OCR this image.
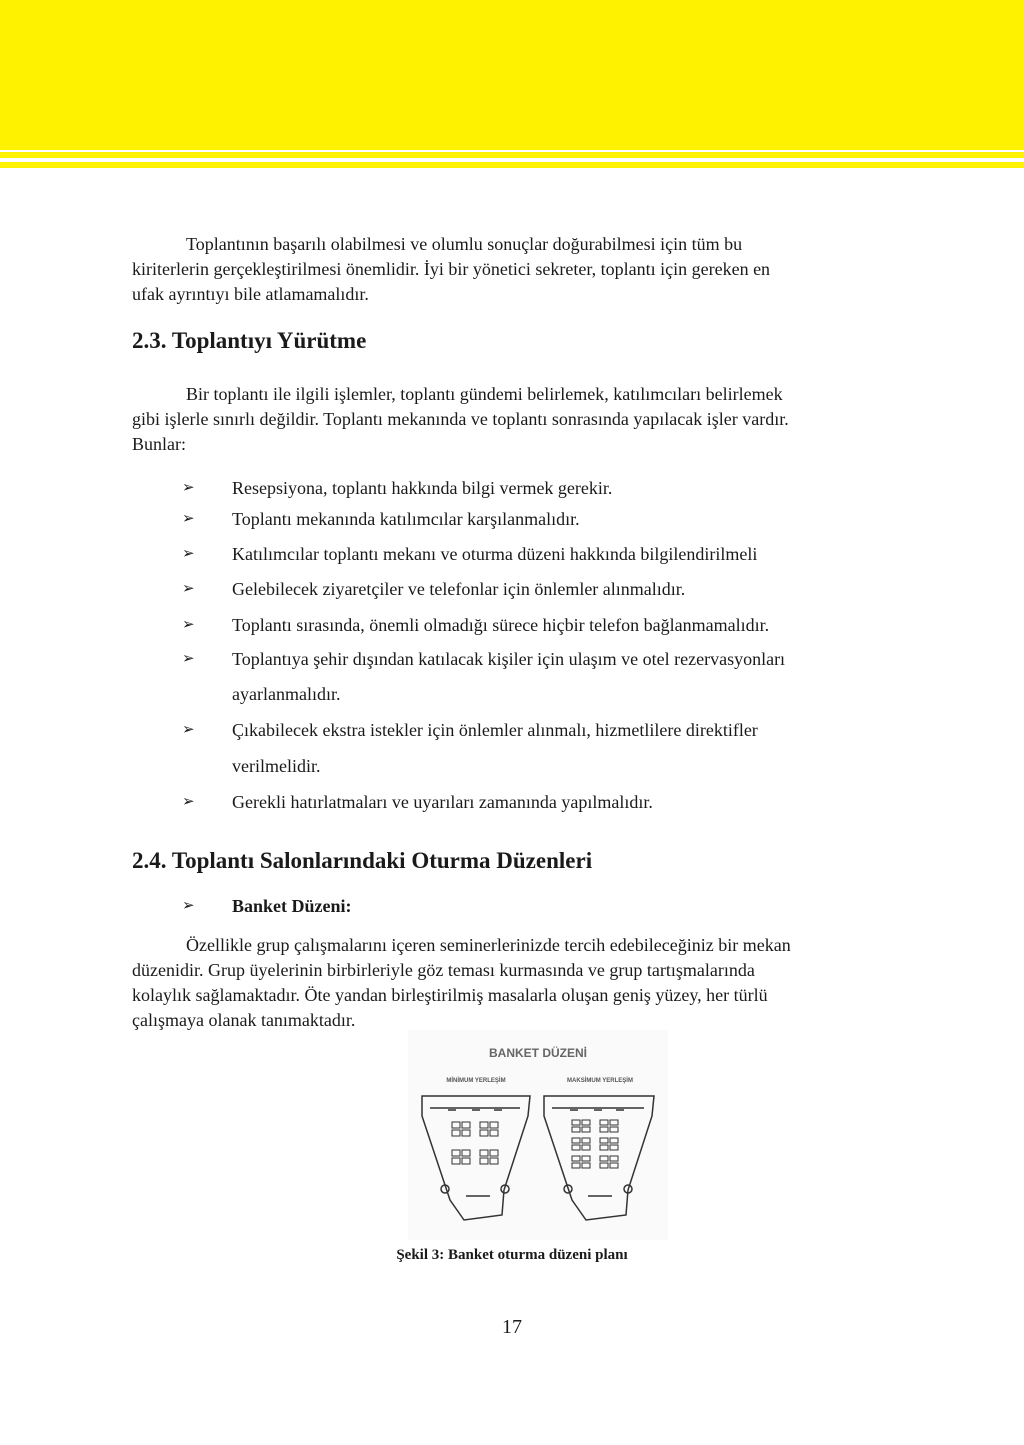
Toplantının başarılı olabilmesi ve olumlu sonuçlar doğurabilmesi için tüm bu
kiriterlerin gerçekleştirilmesi önemlidir. İyi bir yönetici sekreter, toplantı için gereken en
ufak ayrıntıyı bile atlamamalıdır.
2.3. Toplantıyı Yürütme
Bir toplantı ile ilgili işlemler, toplantı gündemi belirlemek, katılımcıları belirlemek
gibi işlerle sınırlı değildir. Toplantı mekanında ve toplantı sonrasında yapılacak işler vardır.
Bunlar:
➢ Resepsiyona, toplantı hakkında bilgi vermek gerekir.
➢ Toplantı mekanında katılımcılar karşılanmalıdır.
➢ Katılımcılar toplantı mekanı ve oturma düzeni hakkında bilgilendirilmeli
➢ Gelebilecek ziyaretçiler ve telefonlar için önlemler alınmalıdır.
➢ Toplantı sırasında, önemli olmadığı sürece hiçbir telefon bağlanmamalıdır.
➢ Toplantıya şehir dışından katılacak kişiler için ulaşım ve otel rezervasyonları
ayarlanmalıdır.
➢ Çıkabilecek ekstra istekler için önlemler alınmalı, hizmetlilere direktifler
verilmelidir.
➢ Gerekli hatırlatmaları ve uyarıları zamanında yapılmalıdır.
2.4. Toplantı Salonlarındaki Oturma Düzenleri
➢ Banket Düzeni:
Özellikle grup çalışmalarını içeren seminerlerinizde tercih edebileceğiniz bir mekan
düzenidir. Grup üyelerinin birbirleriyle göz teması kurmasında ve grup tartışmalarında
kolaylık sağlamaktadır. Öte yandan birleştirilmiş masalarla oluşan geniş yüzey, her türlü
çalışmaya olanak tanımaktadır.
BANKET DÜZENİ
MİNİMUM YERLEŞİM	MAKSİMUM YERLEŞİM
Şekil 3: Banket oturma düzeni planı
17
